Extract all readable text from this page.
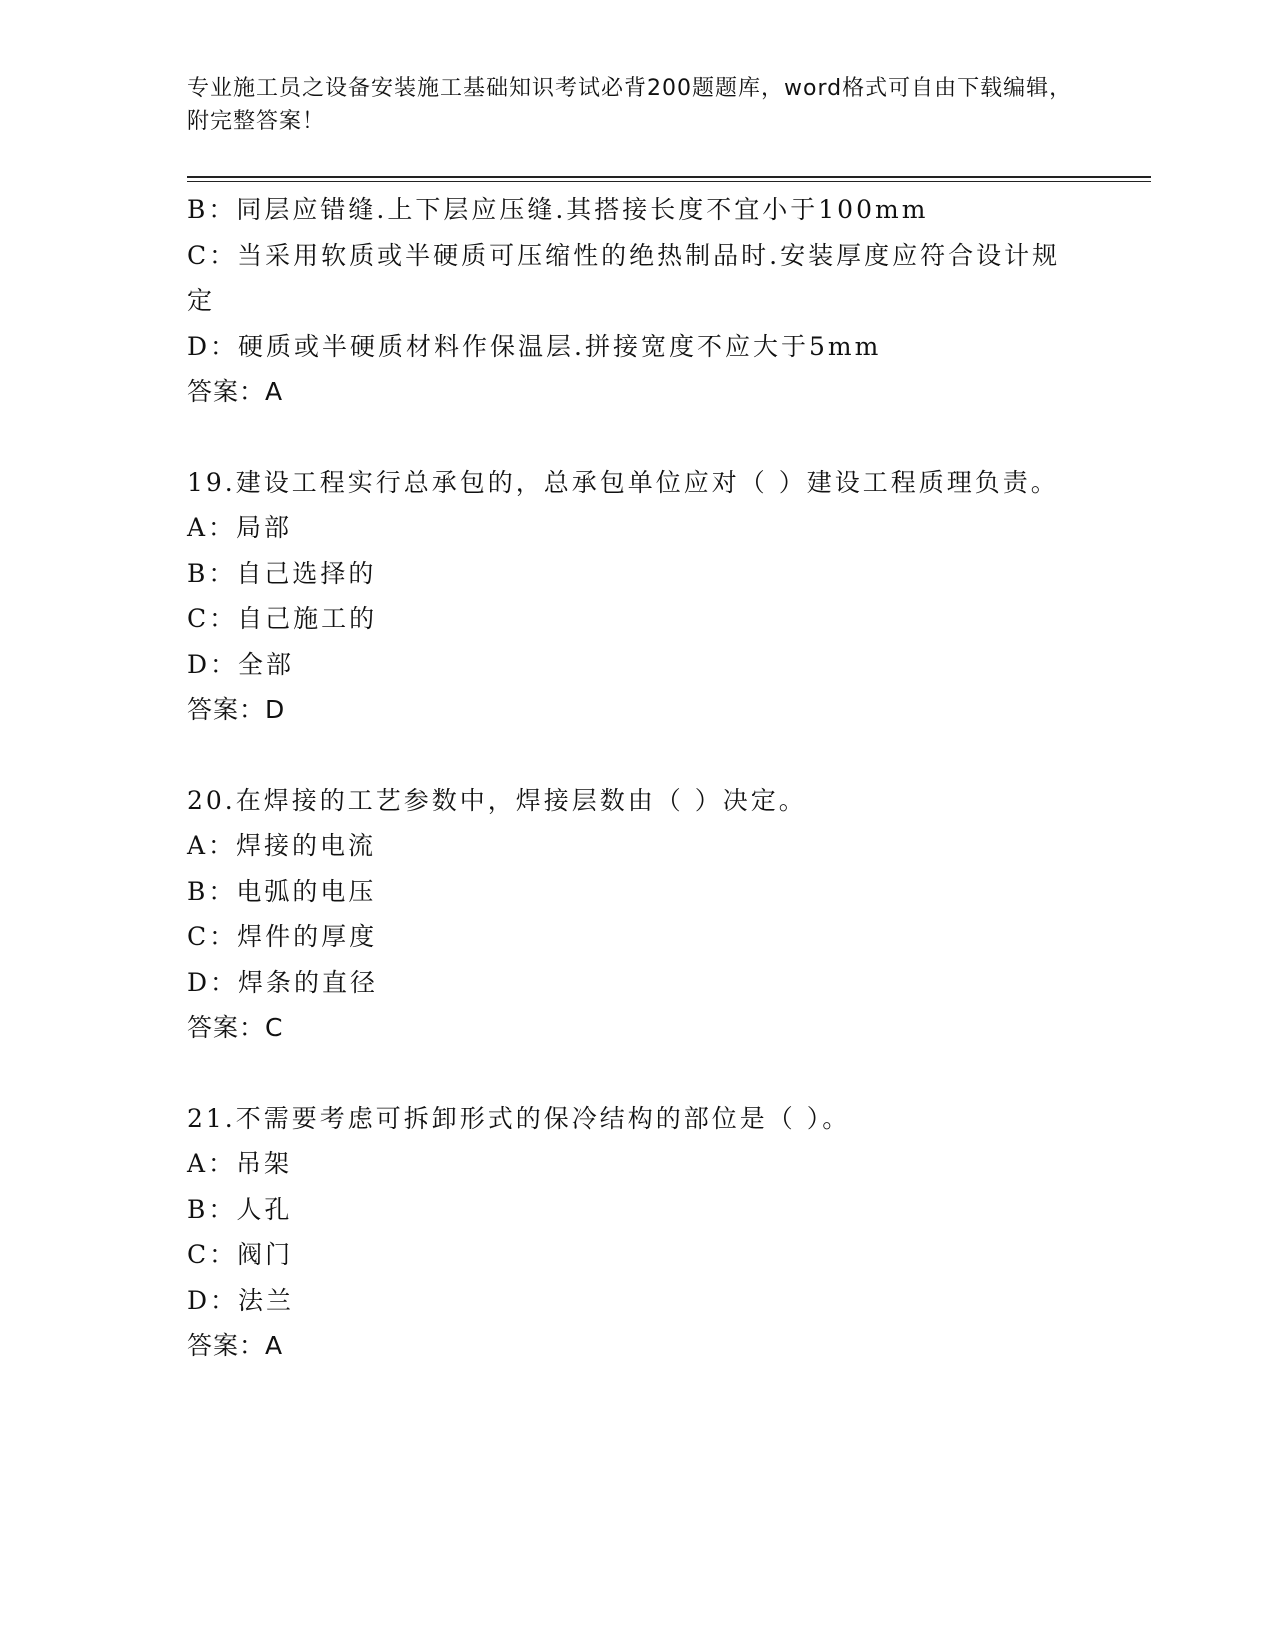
专业施工员之设备安装施工基础知识考试必背200题题库，word格式可自由下载编辑，附完整答案！
B：同层应错缝.上下层应压缝.其搭接长度不宜小于100mm
C：当采用软质或半硬质可压缩性的绝热制品时.安装厚度应符合设计规定
D：硬质或半硬质材料作保温层.拼接宽度不应大于5mm
答案：A
19.建设工程实行总承包的，总承包单位应对（ ）建设工程质理负责。
A：局部
B：自己选择的
C：自己施工的
D：全部
答案：D
20.在焊接的工艺参数中，焊接层数由（ ）决定。
A：焊接的电流
B：电弧的电压
C：焊件的厚度
D：焊条的直径
答案：C
21.不需要考虑可拆卸形式的保冷结构的部位是（ ）。
A：吊架
B：人孔
C：阀门
D：法兰
答案：A
